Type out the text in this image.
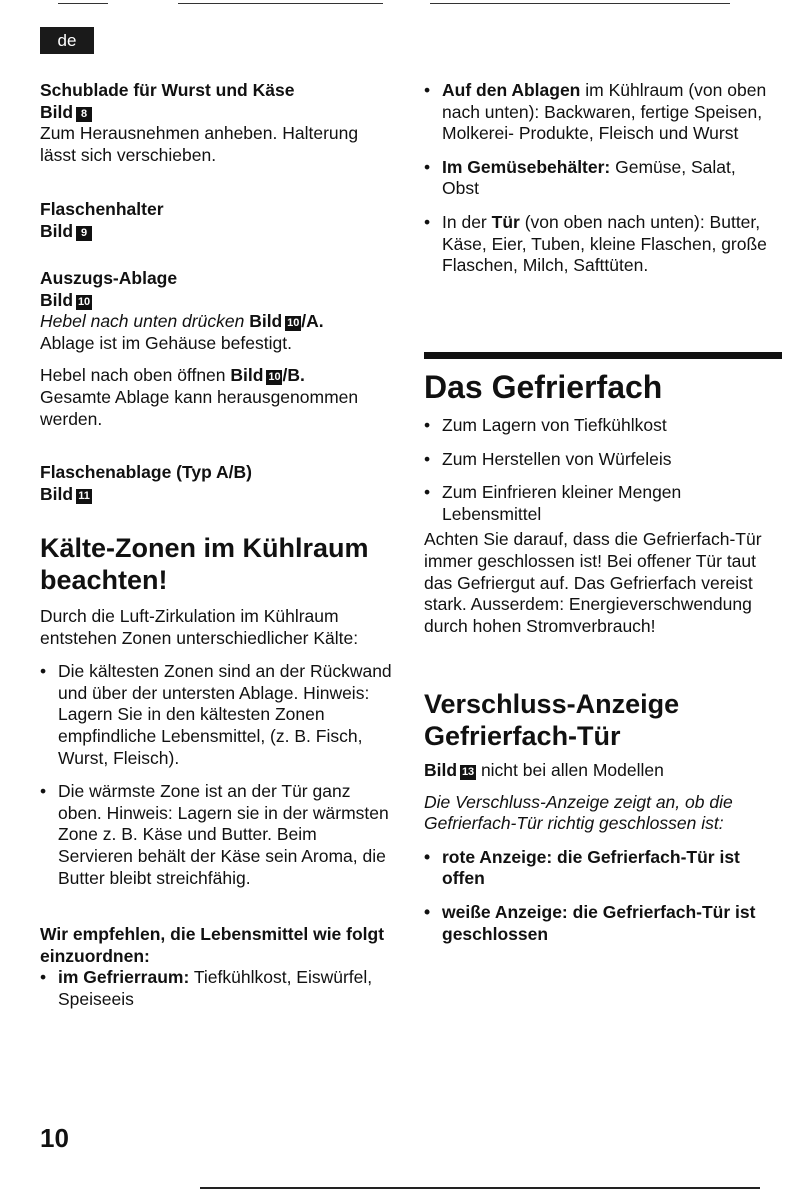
de

Schublade für Wurst und Käse

Bild 8

Zum Herausnehmen anheben. Halterung lässt sich verschieben.

Flaschenhalter

Bild 9

Auszugs-Ablage

Bild 10

Hebel nach unten drücken Bild 10 /A.
Ablage ist im Gehäuse befestigt.

Hebel nach oben öffnen Bild 10 /B.
Gesamte Ablage kann herausgenommen werden.

Flaschenablage (Typ A/B)

Bild 11

Kälte-Zonen im Kühlraum beachten!

Durch die Luft-Zirkulation im Kühlraum entstehen Zonen unterschiedlicher Kälte:

• Die kältesten Zonen sind an der Rückwand und über der untersten Ablage. Hinweis: Lagern Sie in den kältesten Zonen empfindliche Lebensmittel, (z. B. Fisch, Wurst, Fleisch).
• Die wärmste Zone ist an der Tür ganz oben. Hinweis: Lagern sie in der wärmsten Zone z. B. Käse und Butter. Beim Servieren behält der Käse sein Aroma, die Butter bleibt streichfähig.

Wir empfehlen, die Lebensmittel wie folgt einzuordnen:

• im Gefrierraum: Tiefkühlkost, Eiswürfel, Speiseeis
• Auf den Ablagen im Kühlraum (von oben nach unten): Backwaren, fertige Speisen, Molkerei- Produkte, Fleisch und Wurst
• Im Gemüsebehälter: Gemüse, Salat, Obst
• In der Tür (von oben nach unten): Butter, Käse, Eier, Tuben, kleine Flaschen, große Flaschen, Milch, Safttüten.

Das Gefrierfach

• Zum Lagern von Tiefkühlkost
• Zum Herstellen von Würfeleis
• Zum Einfrieren kleiner Mengen Lebensmittel

Achten Sie darauf, dass die Gefrierfach-Tür immer geschlossen ist! Bei offener Tür taut das Gefriergut auf. Das Gefrierfach vereist stark. Ausserdem: Energieverschwendung durch hohen Stromverbrauch!

Verschluss-Anzeige Gefrierfach-Tür

Bild 13 nicht bei allen Modellen

Die Verschluss-Anzeige zeigt an, ob die Gefrierfach-Tür richtig geschlossen ist:

• rote Anzeige: die Gefrierfach-Tür ist offen
• weiße Anzeige: die Gefrierfach-Tür ist geschlossen
10
